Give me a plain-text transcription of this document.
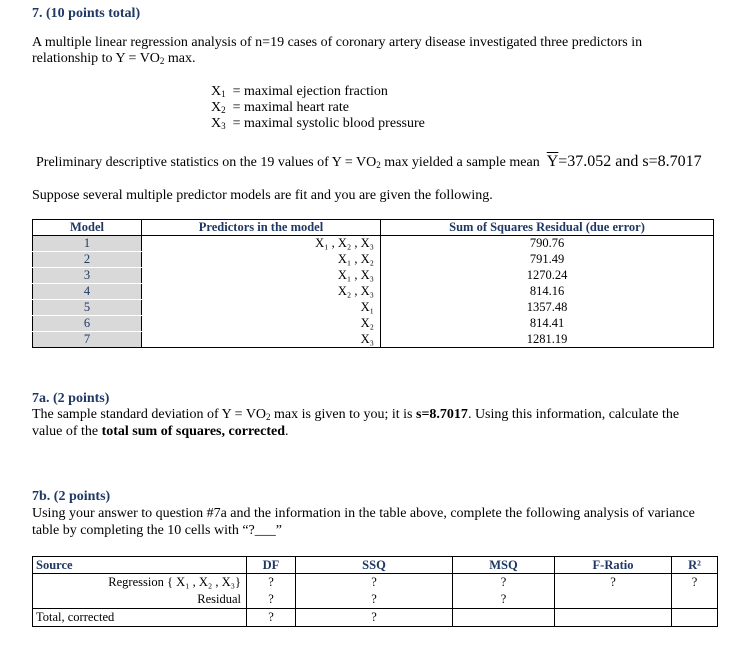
7. (10 points total)
A multiple linear regression analysis of n=19 cases of coronary artery disease investigated three predictors in
relationship to $Y = VO_2$ max.
$X_1$ = maximal ejection fraction
$X_2$ = maximal heart rate
$X_3$ = maximal systolic blood pressure
Preliminary descriptive statistics on the 19 values of $Y = VO_2$ max yielded a sample mean  $\overline{Y}=37.052$ and s=8.7017
Suppose several multiple predictor models are fit and you are given the following.
Model	Predictors in the model	Sum of Squares Residual (due error)
1	X₁ , X₂ , X₃	790.76
2	X₁ , X₂	791.49
3	X₁ , X₃	1270.24
4	X₂ , X₃	814.16
5	X₁	1357.48
6	X₂	814.41
7	X₃	1281.19
7a. (2 points)
The sample standard deviation of $Y = VO_2$ max is given to you; it is s=8.7017. Using this information, calculate the
value of the total sum of squares, corrected.
7b. (2 points)
Using your answer to question #7a and the information in the table above, complete the following analysis of variance
table by completing the 10 cells with “?___”
Source	DF	SSQ	MSQ	F-Ratio	R²
Regression { X₁ , X₂ , X₃}	?	?	?	?	?
Residual	?	?	?		
Total, corrected	?	?			
